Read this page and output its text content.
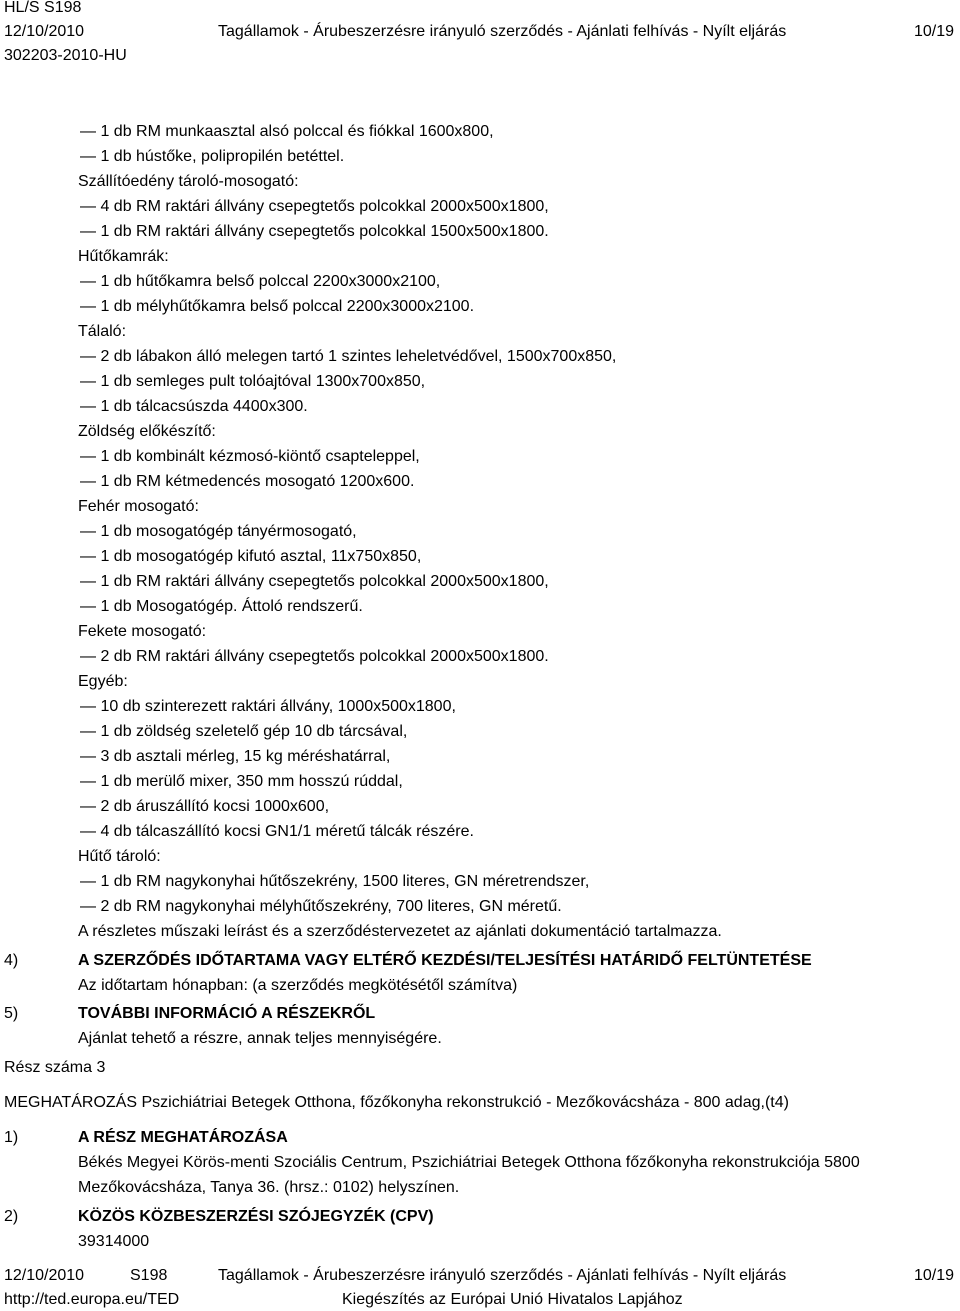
HL/S S198
12/10/2010	Tagállamok - Árubeszerzésre irányuló szerződés - Ajánlati felhívás - Nyílt eljárás	10/19
302203-2010-HU
— 1 db RM munkaasztal alsó polccal és fiókkal 1600x800,
— 1 db hústőke, polipropilén betéttel.
Szállítóedény tároló-mosogató:
— 4 db RM raktári állvány csepegtetős polcokkal 2000x500x1800,
— 1 db RM raktári állvány csepegtetős polcokkal 1500x500x1800.
Hűtőkamrák:
— 1 db hűtőkamra belső polccal 2200x3000x2100,
— 1 db mélyhűtőkamra belső polccal 2200x3000x2100.
Tálaló:
— 2 db lábakon álló melegen tartó 1 szintes leheletvédővel, 1500x700x850,
— 1 db semleges pult tolóajtóval 1300x700x850,
— 1 db tálcacsúszda 4400x300.
Zöldség előkészítő:
— 1 db kombinált kézmosó-kiöntő csapteleppel,
— 1 db RM kétmedencés mosogató 1200x600.
Fehér mosogató:
— 1 db mosogatógép tányérmosogató,
— 1 db mosogatógép kifutó asztal, 11x750x850,
— 1 db RM raktári állvány csepegtetős polcokkal 2000x500x1800,
— 1 db Mosogatógép. Áttoló rendszerű.
Fekete mosogató:
— 2 db RM raktári állvány csepegtetős polcokkal 2000x500x1800.
Egyéb:
— 10 db szinterezett raktári állvány, 1000x500x1800,
— 1 db zöldség szeletelő gép 10 db tárcsával,
— 3 db asztali mérleg, 15 kg méréshatárral,
— 1 db merülő mixer, 350 mm hosszú rúddal,
— 2 db áruszállító kocsi 1000x600,
— 4 db tálcaszállító kocsi GN1/1 méretű tálcák részére.
Hűtő tároló:
— 1 db RM nagykonyhai hűtőszekrény, 1500 literes, GN méretrendszer,
— 2 db RM nagykonyhai mélyhűtőszekrény, 700 literes, GN méretű.
A részletes műszaki leírást és a szerződéstervezetet az ajánlati dokumentáció tartalmazza.
4)	A SZERZŐDÉS IDŐTARTAMA VAGY ELTÉRŐ KEZDÉSI/TELJESÍTÉSI HATÁRIDŐ FELTÜNTETÉSE
Az időtartam hónapban: (a szerződés megkötésétől számítva)
5)	TOVÁBBI INFORMÁCIÓ A RÉSZEKRŐL
Ajánlat tehető a részre, annak teljes mennyiségére.
Rész száma 3
MEGHATÁROZÁS Pszichiátriai Betegek Otthona, főzőkonyha rekonstrukció - Mezőkovácsháza - 800 adag,(t4)
1)	A RÉSZ MEGHATÁROZÁSA
Békés Megyei Körös-menti Szociális Centrum, Pszichiátriai Betegek Otthona főzőkonyha rekonstrukciója 5800
Mezőkovácsháza, Tanya 36. (hrsz.: 0102) helyszínen.
2)	KÖZÖS KÖZBESZERZÉSI SZÓJEGYZÉK (CPV)
39314000
12/10/2010	S198	Tagállamok - Árubeszerzésre irányuló szerződés - Ajánlati felhívás - Nyílt eljárás	10/19
http://ted.europa.eu/TED	Kiegészítés az Európai Unió Hivatalos Lapjához
